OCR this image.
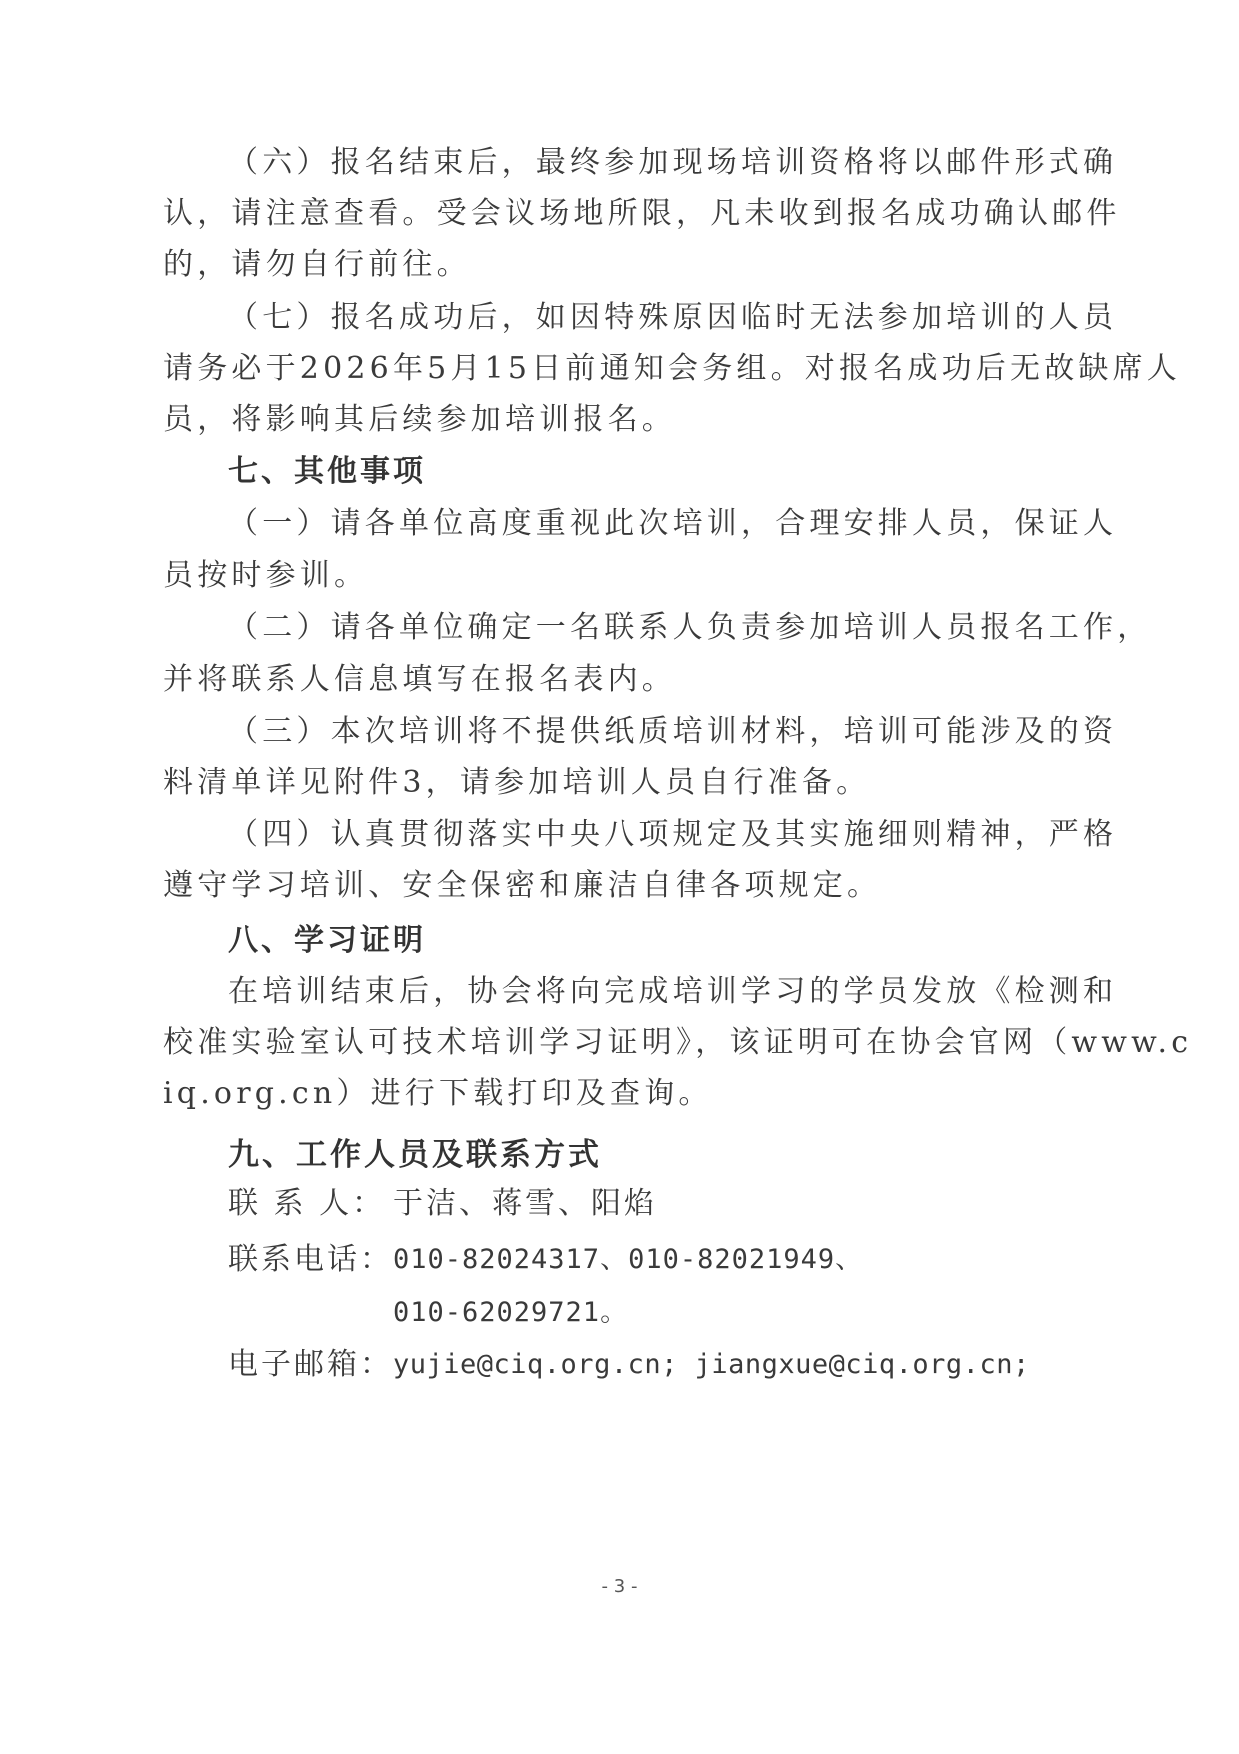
（六）报名结束后，最终参加现场培训资格将以邮件形式确
认，请注意查看。受会议场地所限，凡未收到报名成功确认邮件
的，请勿自行前往。
（七）报名成功后，如因特殊原因临时无法参加培训的人员
请务必于2026年5月15日前通知会务组。对报名成功后无故缺席人
员，将影响其后续参加培训报名。
七、其他事项
（一）请各单位高度重视此次培训，合理安排人员，保证人
员按时参训。
（二）请各单位确定一名联系人负责参加培训人员报名工作，
并将联系人信息填写在报名表内。
（三）本次培训将不提供纸质培训材料，培训可能涉及的资
料清单详见附件3，请参加培训人员自行准备。
（四）认真贯彻落实中央八项规定及其实施细则精神，严格
遵守学习培训、安全保密和廉洁自律各项规定。
八、学习证明
在培训结束后，协会将向完成培训学习的学员发放《检测和
校准实验室认可技术培训学习证明》，该证明可在协会官网（www.c
iq.org.cn）进行下载打印及查询。
九、工作人员及联系方式
联 系 人： 于洁、蒋雪、阳焰
联系电话： 010-82024317、010-82021949、
010-62029721。
电子邮箱： yujie@ciq.org.cn; jiangxue@ciq.org.cn;
- 3 -
